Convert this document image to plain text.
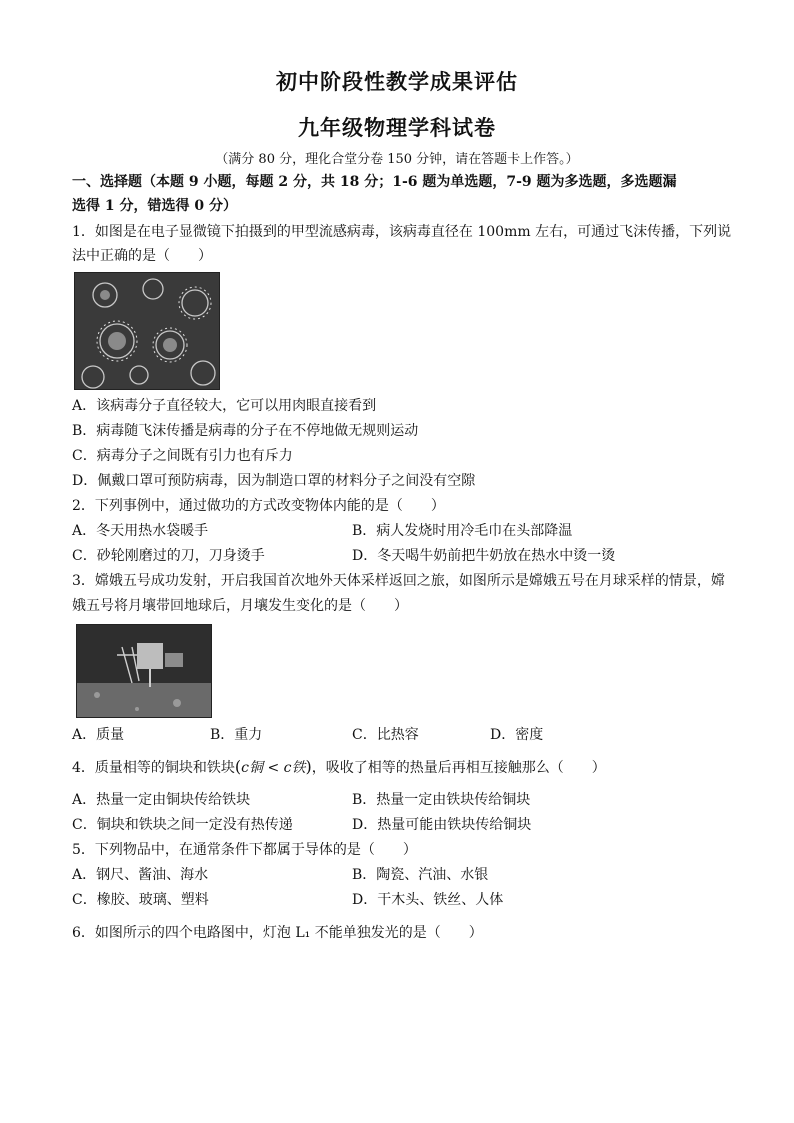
初中阶段性教学成果评估
九年级物理学科试卷
（满分 80 分，理化合堂分卷 150 分钟，请在答题卡上作答。）
一、选择题（本题 9 小题，每题 2 分，共 18 分；1-6 题为单选题，7-9 题为多选题，多选题漏
选得 1 分，错选得 0 分）
1．如图是在电子显微镜下拍摄到的甲型流感病毒，该病毒直径在 100mm 左右，可通过飞沫传播，下列说
法中正确的是（　　）
A．该病毒分子直径较大，它可以用肉眼直接看到
B．病毒随飞沫传播是病毒的分子在不停地做无规则运动
C．病毒分子之间既有引力也有斥力
D．佩戴口罩可预防病毒，因为制造口罩的材料分子之间没有空隙
2．下列事例中，通过做功的方式改变物体内能的是（　　）
A．冬天用热水袋暖手	B．病人发烧时用冷毛巾在头部降温
C．砂轮刚磨过的刀，刀身烫手	D．冬天喝牛奶前把牛奶放在热水中烫一烫
3．嫦娥五号成功发射，开启我国首次地外天体采样返回之旅，如图所示是嫦娥五号在月球采样的情景，嫦
娥五号将月壤带回地球后，月壤发生变化的是（　　）
A．质量	B．重力	C．比热容	D．密度
4．质量相等的铜块和铁块(c铜 < c铁)，吸收了相等的热量后再相互接触那么（　　）
A．热量一定由铜块传给铁块	B．热量一定由铁块传给铜块
C．铜块和铁块之间一定没有热传递	D．热量可能由铁块传给铜块
5．下列物品中，在通常条件下都属于导体的是（　　）
A．钢尺、酱油、海水	B．陶瓷、汽油、水银
C．橡胶、玻璃、塑料	D．干木头、铁丝、人体
6．如图所示的四个电路图中，灯泡 L₁ 不能单独发光的是（　　）
